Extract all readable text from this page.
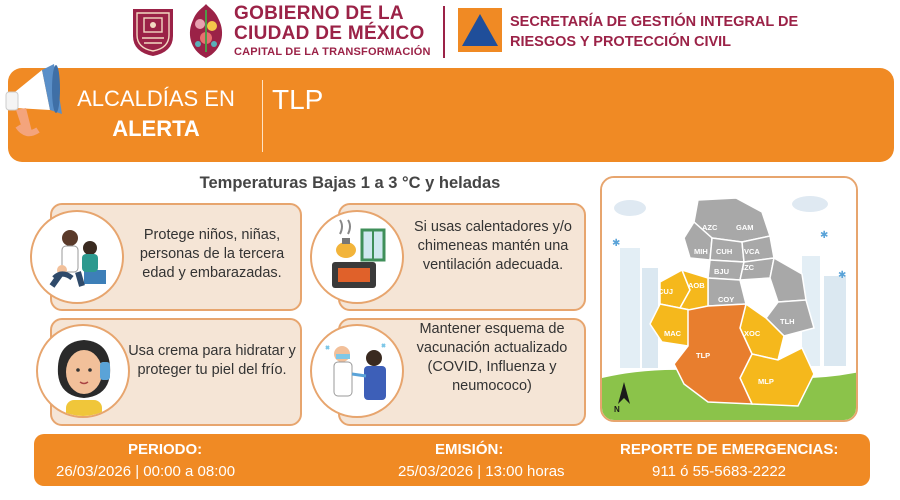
GOBIERNO DE LA CIUDAD DE MÉXICO
CAPITAL DE LA TRANSFORMACIÓN
SECRETARÍA DE GESTIÓN INTEGRAL DE RIESGOS Y PROTECCIÓN CIVIL
ALCALDÍAS EN
ALERTA
TLP
Temperaturas Bajas 1 a 3 °C y heladas
Protege niños, niñas, personas de la tercera edad y embarazadas.
Si usas calentadores y/o chimeneas mantén una ventilación adecuada.
Usa crema para hidratar y proteger tu piel del frío.
Mantener esquema de vacunación actualizado (COVID, Influenza y neumococo)
✱
✱
✱
AZC GAM
MIH CUH VCA
BJU IZC
CUJ
AOB
COY
IZP
MAC
TLH
XOC
TLP
MLP
N
PERIODO:
26/03/2026 | 00:00 a 08:00
EMISIÓN:
25/03/2026 | 13:00 horas
REPORTE DE EMERGENCIAS:
911 ó 55-5683-2222
